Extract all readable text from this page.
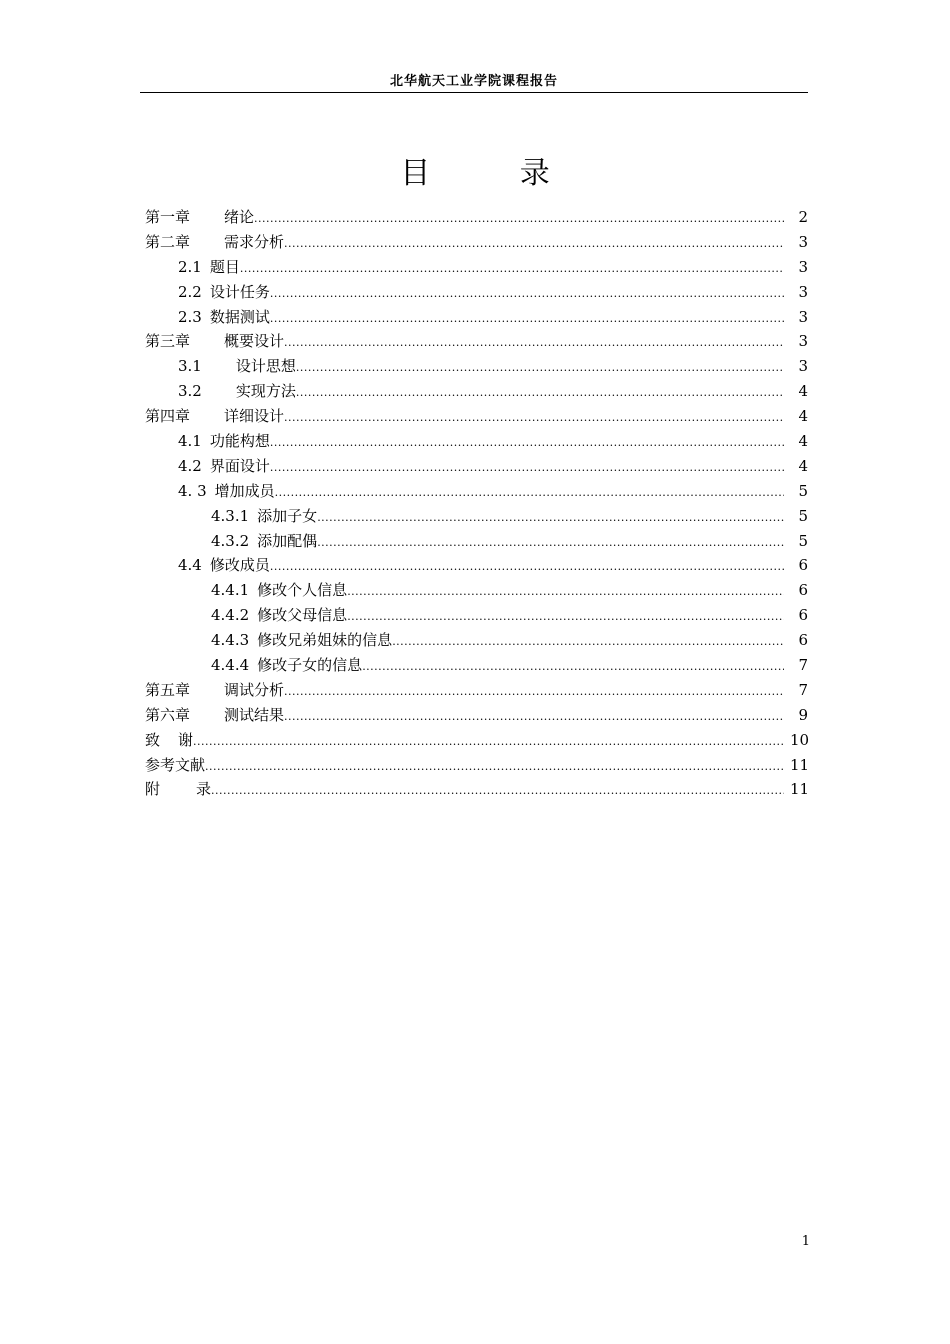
北华航天工业学院课程报告
目 录
第一章 绪论 .....	2
第二章 需求分析 .....	3
2.1 题目 .....	3
2.2 设计任务 .....	3
2.3 数据测试 .....	3
第三章 概要设计 .....	3
3.1 设计思想 .....	3
3.2 实现方法 .....	4
第四章 详细设计 .....	4
4.1 功能构想 .....	4
4.2 界面设计 .....	4
4. 3 增加成员 .....	5
4.3.1 添加子女 .....	5
4.3.2 添加配偶 .....	5
4.4 修改成员 .....	6
4.4.1 修改个人信息 .....	6
4.4.2 修改父母信息 .....	6
4.4.3 修改兄弟姐妹的信息 .....	6
4.4.4 修改子女的信息 .....	7
第五章 调试分析 .....	7
第六章 测试结果 .....	9
致 谢 .....	10
参考文献 .....	11
附 录 .....	11
1
